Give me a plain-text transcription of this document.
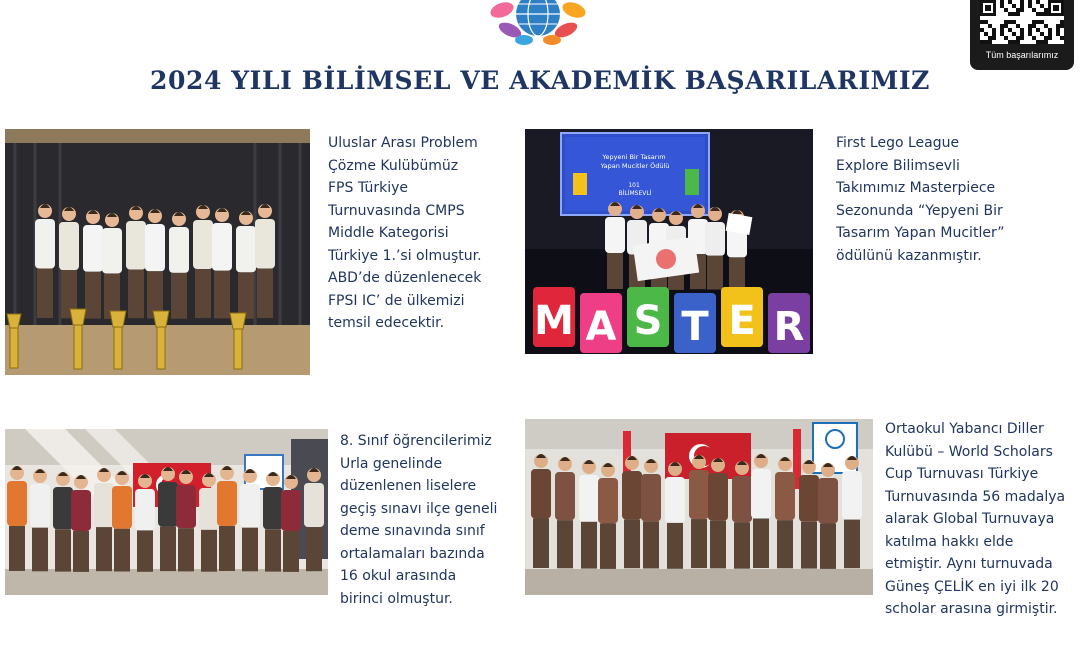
Tüm başarılarımız
2024 YILI BİLİMSEL VE AKADEMİK BAŞARILARIMIZ

Uluslar Arası Problem
Çözme Kulübümüz
FPS Türkiye
Turnuvasında CMPS
Middle Kategorisi
Türkiye 1.’si olmuştur.
ABD’de düzenlenecek
FPSI IC’ de ülkemizi
temsil edecektir.

Yepyeni Bir Tasarım Yapan Mucitler Ödülü
101 BİLİMSEVLİ
M A S T E R

First Lego League
Explore Bilimsevli
Takımımız Masterpiece
Sezonunda “Yepyeni Bir
Tasarım Yapan Mucitler”
ödülünü kazanmıştır.

8. Sınıf öğrencilerimiz
Urla genelinde
düzenlenen liselere
geçiş sınavı ilçe geneli
deme sınavında sınıf
ortalamaları bazında
16 okul arasında
birinci olmuştur.

Ortaokul Yabancı Diller
Kulübü – World Scholars
Cup Turnuvası Türkiye
Turnuvasında 56 madalya
alarak Global Turnuvaya
katılma hakkı elde
etmiştir. Aynı turnuvada
Güneş ÇELİK en iyi ilk 20
scholar arasına girmiştir.
